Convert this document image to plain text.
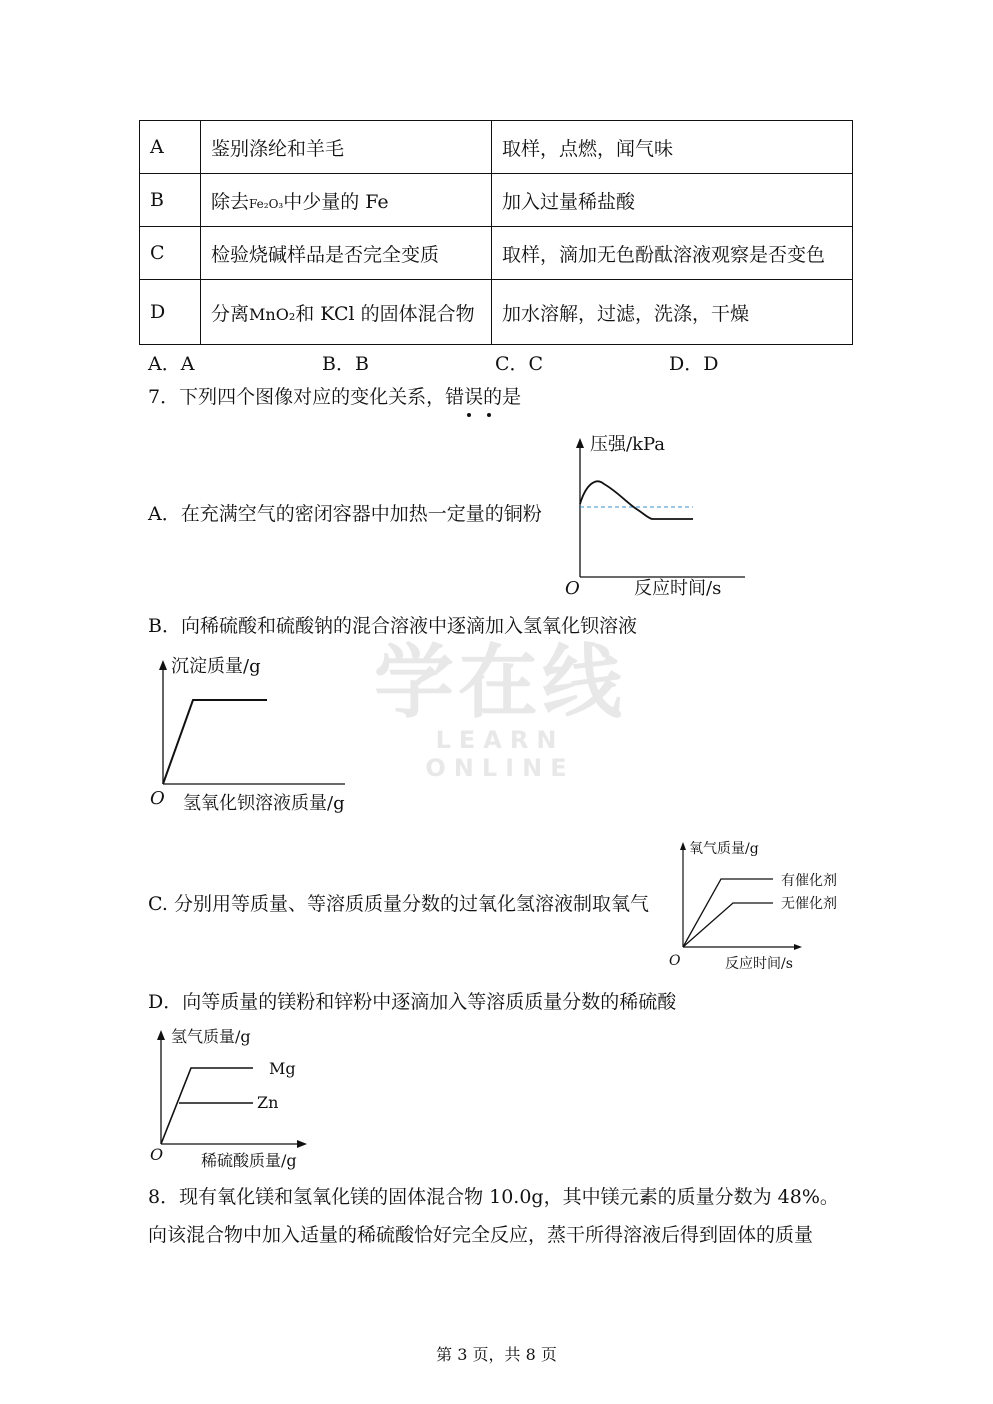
学在线
LEARN ONLINE
A	鉴别涤纶和羊毛	取样，点燃，闻气味
B	除去Fe₂O₃中少量的 Fe	加入过量稀盐酸
C	检验烧碱样品是否完全变质	取样，滴加无色酚酞溶液观察是否变色
D	分离MnO₂和 KCl 的固体混合物	加水溶解，过滤，洗涤，干燥
A．A	B．B	C．C	D．D
7．下列四个图像对应的变化关系，错误的是
A．在充满空气的密闭容器中加热一定量的铜粉
压强/kPa
O	反应时间/s
B．向稀硫酸和硫酸钠的混合溶液中逐滴加入氢氧化钡溶液
沉淀质量/g
O 氢氧化钡溶液质量/g
C. 分别用等质量、等溶质质量分数的过氧化氢溶液制取氧气
氧气质量/g
有催化剂
无催化剂
O	反应时间/s
D．向等质量的镁粉和锌粉中逐滴加入等溶质质量分数的稀硫酸
氢气质量/g
Mg
Zn
O 稀硫酸质量/g
8．现有氧化镁和氢氧化镁的固体混合物 10.0g，其中镁元素的质量分数为 48%。
向该混合物中加入适量的稀硫酸恰好完全反应，蒸干所得溶液后得到固体的质量
第 3 页，共 8 页
